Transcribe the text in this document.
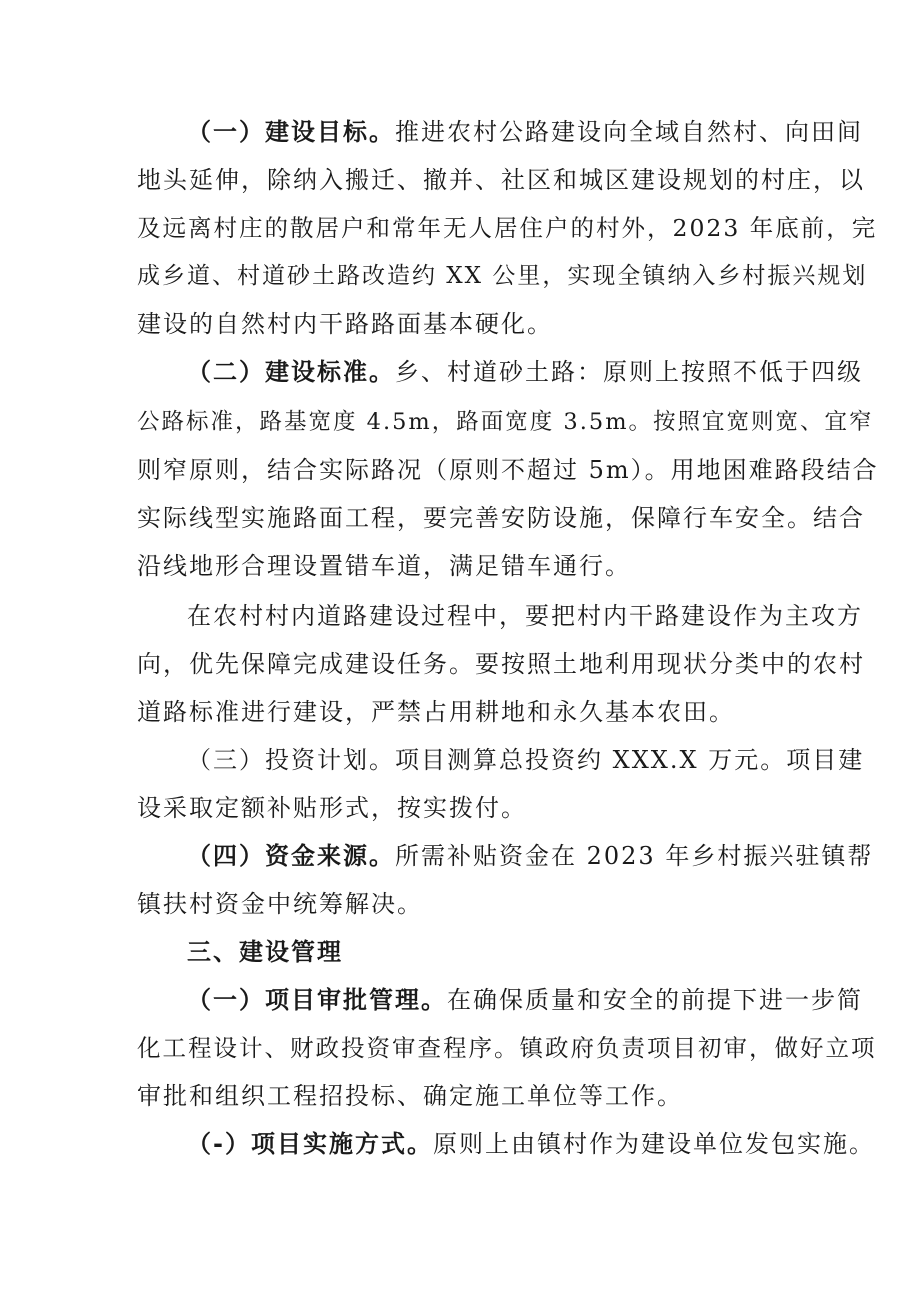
（一）建设目标。推进农村公路建设向全域自然村、向田间
地头延伸，除纳入搬迁、撤并、社区和城区建设规划的村庄，以
及远离村庄的散居户和常年无人居住户的村外，2023 年底前，完
成乡道、村道砂土路改造约 XX 公里，实现全镇纳入乡村振兴规划
建设的自然村内干路路面基本硬化。
（二）建设标准。乡、村道砂土路：原则上按照不低于四级
公路标准，路基宽度 4.5m，路面宽度 3.5m。按照宜宽则宽、宜窄
则窄原则，结合实际路况（原则不超过 5m）。用地困难路段结合
实际线型实施路面工程，要完善安防设施，保障行车安全。结合
沿线地形合理设置错车道，满足错车通行。
在农村村内道路建设过程中，要把村内干路建设作为主攻方
向，优先保障完成建设任务。要按照土地利用现状分类中的农村
道路标准进行建设，严禁占用耕地和永久基本农田。
（三）投资计划。项目测算总投资约 XXX.X 万元。项目建
设采取定额补贴形式，按实拨付。
（四）资金来源。所需补贴资金在 2023 年乡村振兴驻镇帮
镇扶村资金中统筹解决。
三、建设管理
（一）项目审批管理。在确保质量和安全的前提下进一步简
化工程设计、财政投资审查程序。镇政府负责项目初审，做好立项
审批和组织工程招投标、确定施工单位等工作。
（-）项目实施方式。原则上由镇村作为建设单位发包实施。
